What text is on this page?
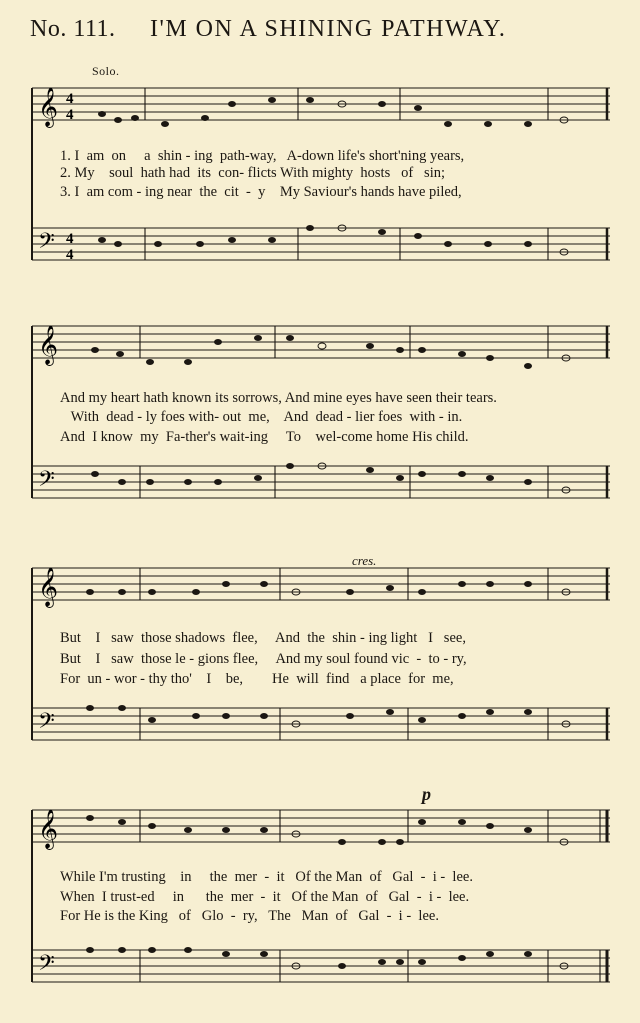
No. 111. I'M ON A SHINING PATHWAY.
Solo.
cres.
p
𝄞
𝄢
4
4
4
4
1. I  am  on     a  shin - ing  path-way,   A-down life's short'ning years,
2. My    soul  hath had  its  con- flicts With mighty  hosts   of   sin;
3. I  am com - ing near  the  cit  -  y    My Saviour's hands have piled,
𝄞
𝄢
And my heart hath known its sorrows, And mine eyes have seen their tears.
With  dead - ly foes with- out  me,    And  dead - lier foes  with - in.
And  I know  my  Fa-ther's wait-ing     To    wel-come home His child.
𝄞
𝄢
But    I   saw  those shadows  flee,     And  the  shin - ing light   I   see,
But    I   saw  those le - gions flee,     And my soul found vic  -  to - ry,
For  un - wor - thy tho'    I    be,        He  will  find   a place  for  me,
𝄞
𝄢
While I'm trusting    in     the  mer  -  it   Of the Man  of   Gal  -  i -  lee.
When  I trust-ed     in      the  mer  -  it   Of the Man  of   Gal  -  i -  lee.
For He is the King   of   Glo  -  ry,   The   Man  of   Gal  -  i -  lee.
